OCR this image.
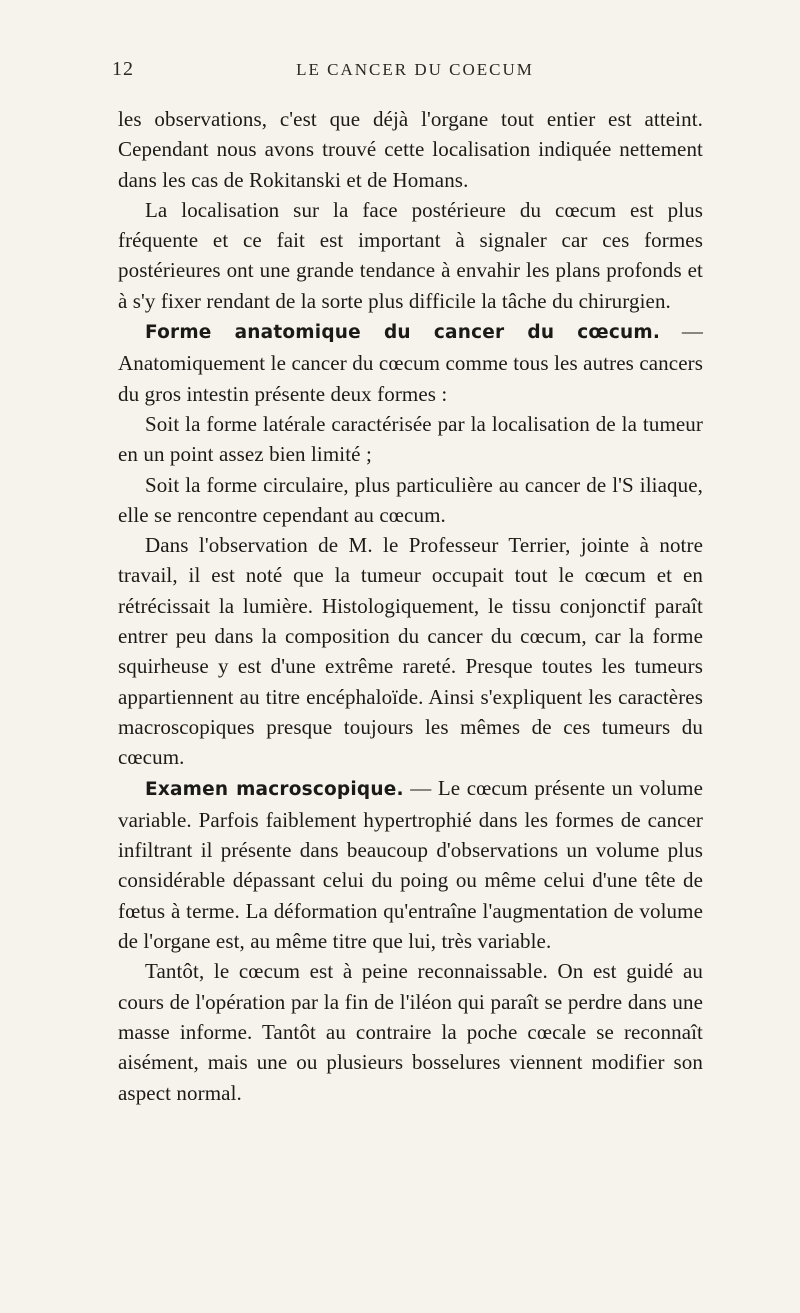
12	LE CANCER DU COECUM

les observations, c'est que déjà l'organe tout entier est atteint. Cependant nous avons trouvé cette localisation indiquée nettement dans les cas de Rokitanski et de Homans.

La localisation sur la face postérieure du cœcum est plus fréquente et ce fait est important à signaler car ces formes postérieures ont une grande tendance à envahir les plans profonds et à s'y fixer rendant de la sorte plus difficile la tâche du chirurgien.

Forme anatomique du cancer du cœcum. — Anatomiquement le cancer du cœcum comme tous les autres cancers du gros intestin présente deux formes :

Soit la forme latérale caractérisée par la localisation de la tumeur en un point assez bien limité ;

Soit la forme circulaire, plus particulière au cancer de l'S iliaque, elle se rencontre cependant au cœcum.

Dans l'observation de M. le Professeur Terrier, jointe à notre travail, il est noté que la tumeur occupait tout le cœcum et en rétrécissait la lumière. Histologiquement, le tissu conjonctif paraît entrer peu dans la composition du cancer du cœcum, car la forme squirheuse y est d'une extrême rareté. Presque toutes les tumeurs appartiennent au titre encéphaloïde. Ainsi s'expliquent les caractères macroscopiques presque toujours les mêmes de ces tumeurs du cœcum.

Examen macroscopique. — Le cœcum présente un volume variable. Parfois faiblement hypertrophié dans les formes de cancer infiltrant il présente dans beaucoup d'observations un volume plus considérable dépassant celui du poing ou même celui d'une tête de fœtus à terme. La déformation qu'entraîne l'augmentation de volume de l'organe est, au même titre que lui, très variable.

Tantôt, le cœcum est à peine reconnaissable. On est guidé au cours de l'opération par la fin de l'iléon qui paraît se perdre dans une masse informe. Tantôt au contraire la poche cœcale se reconnaît aisément, mais une ou plusieurs bosselures viennent modifier son aspect normal.
